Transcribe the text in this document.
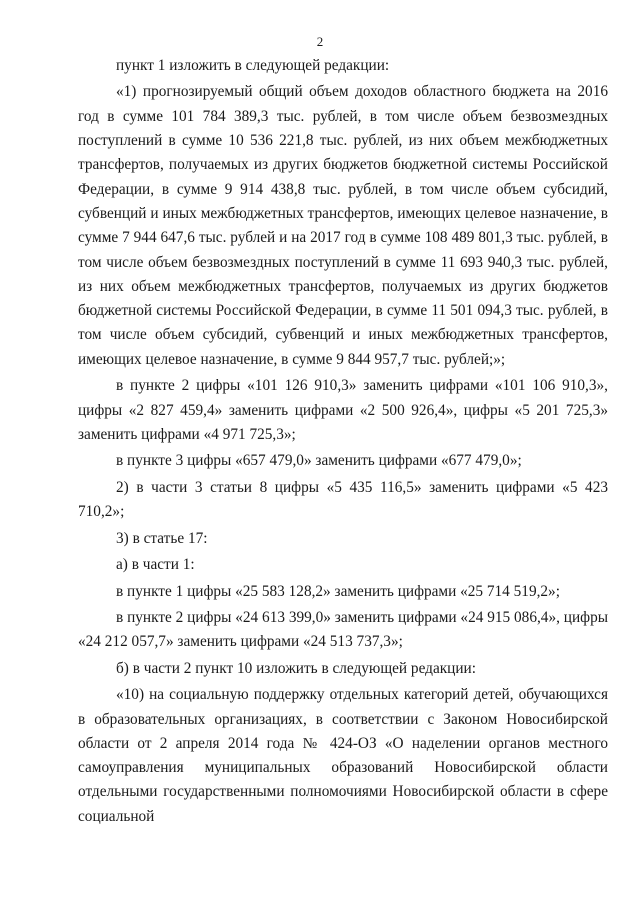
2

пункт 1 изложить в следующей редакции:

«1) прогнозируемый общий объем доходов областного бюджета на 2016 год в сумме 101 784 389,3 тыс. рублей, в том числе объем безвозмездных поступлений в сумме 10 536 221,8 тыс. рублей, из них объем межбюджетных трансфертов, получаемых из других бюджетов бюджетной системы Российской Федерации, в сумме 9 914 438,8 тыс. рублей, в том числе объем субсидий, субвенций и иных межбюджетных трансфертов, имеющих целевое назначение, в сумме 7 944 647,6 тыс. рублей и на 2017 год в сумме 108 489 801,3 тыс. рублей, в том числе объем безвозмездных поступлений в сумме 11 693 940,3 тыс. рублей, из них объем межбюджетных трансфертов, получаемых из других бюджетов бюджетной системы Российской Федерации, в сумме 11 501 094,3 тыс. рублей, в том числе объем субсидий, субвенций и иных межбюджетных трансфертов, имеющих целевое назначение, в сумме 9 844 957,7 тыс. рублей;»;

в пункте 2 цифры «101 126 910,3» заменить цифрами «101 106 910,3», цифры «2 827 459,4» заменить цифрами «2 500 926,4», цифры «5 201 725,3» заменить цифрами «4 971 725,3»;

в пункте 3 цифры «657 479,0» заменить цифрами «677 479,0»;

2) в части 3 статьи 8 цифры «5 435 116,5» заменить цифрами «5 423 710,2»;

3) в статье 17:

а) в части 1:

в пункте 1 цифры «25 583 128,2» заменить цифрами «25 714 519,2»;

в пункте 2 цифры «24 613 399,0» заменить цифрами «24 915 086,4», цифры «24 212 057,7» заменить цифрами «24 513 737,3»;

б) в части 2 пункт 10 изложить в следующей редакции:

«10) на социальную поддержку отдельных категорий детей, обучающихся в образовательных организациях, в соответствии с Законом Новосибирской области от 2 апреля 2014 года № 424-ОЗ «О наделении органов местного самоуправления муниципальных образований Новосибирской области отдельными государственными полномочиями Новосибирской области в сфере социальной
